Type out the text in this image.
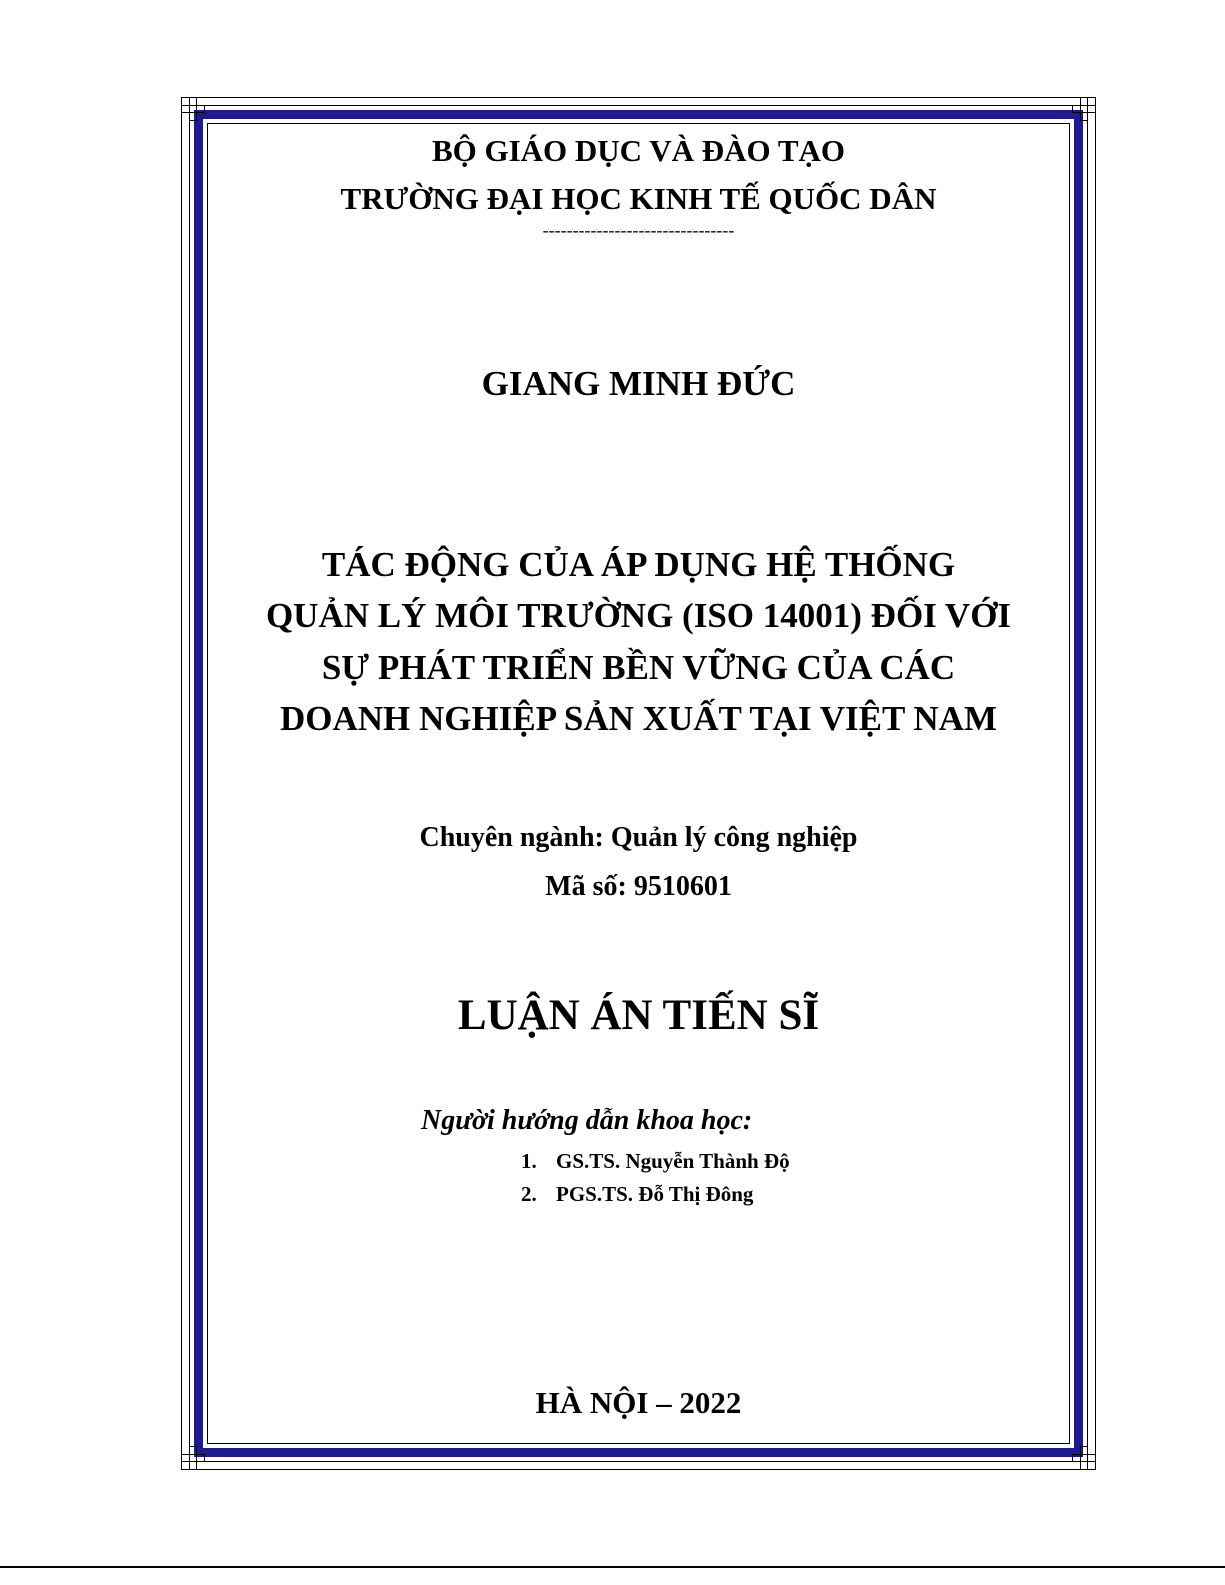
BỘ GIÁO DỤC VÀ ĐÀO TẠO
TRƯỜNG ĐẠI HỌC KINH TẾ QUỐC DÂN
--------------------------------
GIANG MINH ĐỨC
TÁC ĐỘNG CỦA ÁP DỤNG HỆ THỐNG
QUẢN LÝ MÔI TRƯỜNG (ISO 14001) ĐỐI VỚI
SỰ PHÁT TRIỂN BỀN VỮNG CỦA CÁC
DOANH NGHIỆP SẢN XUẤT TẠI VIỆT NAM
Chuyên ngành: Quản lý công nghiệp
Mã số: 9510601
LUẬN ÁN TIẾN SĨ
Người hướng dẫn khoa học:
1. GS.TS. Nguyễn Thành Độ
2. PGS.TS. Đỗ Thị Đông
HÀ NỘI – 2022
